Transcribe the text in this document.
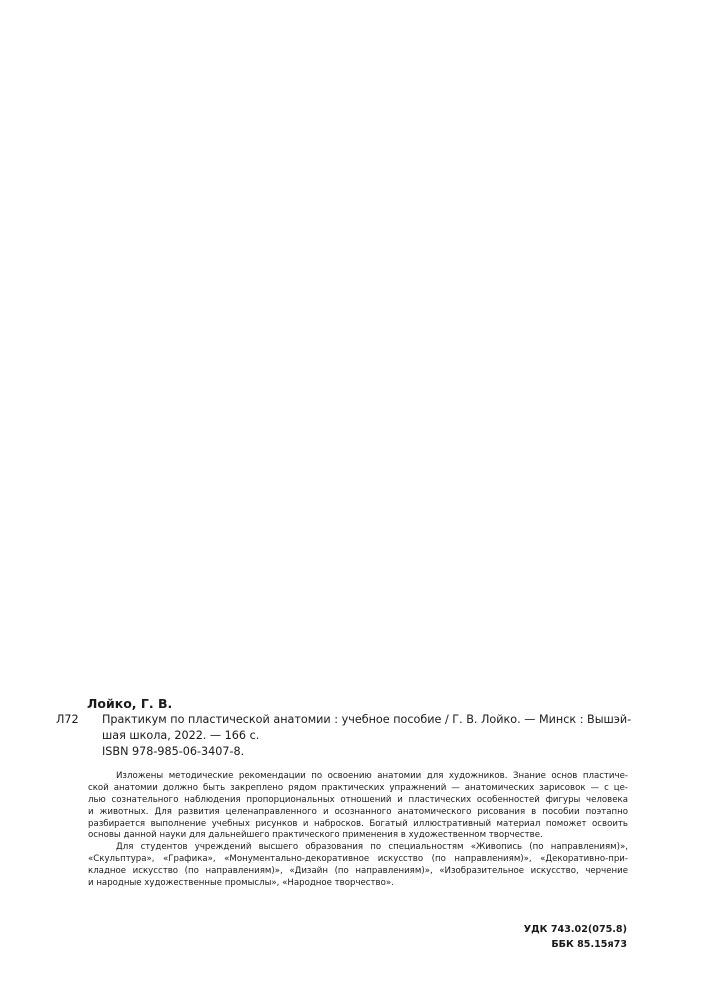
Лойко, Г. В.
Л72 Практикум по пластической анатомии : учебное пособие / Г. В. Лойко. — Минск : Вышэй-
шая школа, 2022. — 166 с.
ISBN 978-985-06-3407-8.
Изложены методические рекомендации по освоению анатомии для художников. Знание основ пластиче-
ской анатомии должно быть закреплено рядом практических упражнений — анатомических зарисовок — с це-
лью сознательного наблюдения пропорциональных отношений и пластических особенностей фигуры человека
и животных. Для развития целенаправленного и осознанного анатомического рисования в пособии поэтапно
разбирается выполнение учебных рисунков и набросков. Богатый иллюстративный материал поможет освоить
основы данной науки для дальнейшего практического применения в художественном творчестве.
Для студентов учреждений высшего образования по специальностям «Живопись (по направлениям)»,
«Скульптура», «Графика», «Монументально-декоративное искусство (по направлениям)», «Декоративно-при-
кладное искусство (по направлениям)», «Дизайн (по направлениям)», «Изобразительное искусство, черчение
и народные художественные промыслы», «Народное творчество».
УДК 743.02(075.8)
ББК 85.15я73
